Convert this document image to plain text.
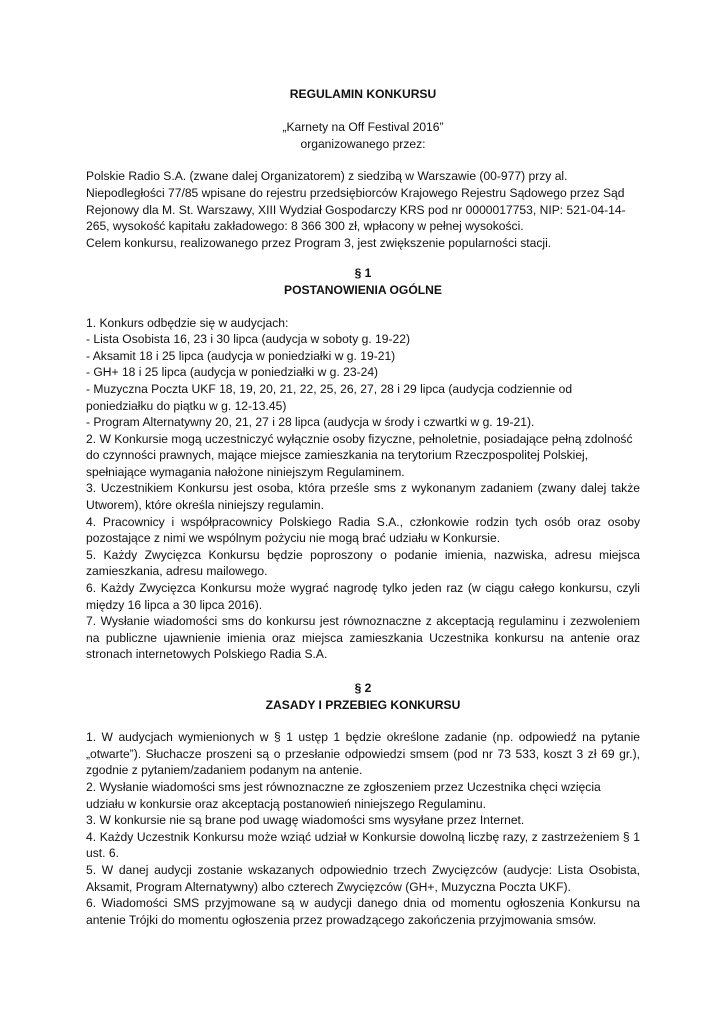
REGULAMIN KONKURSU

„Karnety na Off Festival 2016”

organizowanego przez:

Polskie Radio S.A. (zwane dalej Organizatorem) z siedzibą w Warszawie (00-977) przy al.

Niepodległości 77/85 wpisane do rejestru przedsiębiorców Krajowego Rejestru Sądowego przez Sąd

Rejonowy dla M. St. Warszawy, XIII Wydział Gospodarczy KRS pod nr 0000017753, NIP: 521-04-14-

265, wysokość kapitału zakładowego: 8 366 300 zł, wpłacony w pełnej wysokości.

Celem konkursu, realizowanego przez Program 3, jest zwiększenie popularności stacji.

§ 1

POSTANOWIENIA OGÓLNE

1. Konkurs odbędzie się w audycjach:

- Lista Osobista 16, 23 i 30 lipca (audycja w soboty g. 19-22)

- Aksamit 18 i 25 lipca (audycja w poniedziałki w g. 19-21)

- GH+ 18 i 25 lipca (audycja w poniedziałki w g. 23-24)

- Muzyczna Poczta UKF 18, 19, 20, 21, 22, 25, 26, 27, 28 i 29 lipca (audycja codziennie od poniedziałku do piątku w g. 12-13.45)

- Program Alternatywny 20, 21, 27 i 28 lipca (audycja w środy i czwartki w g. 19-21).

2. W Konkursie mogą uczestniczyć wyłącznie osoby fizyczne, pełnoletnie, posiadające pełną zdolność do czynności prawnych, mające miejsce zamieszkania na terytorium Rzeczpospolitej Polskiej, spełniające wymagania nałożone niniejszym Regulaminem.

3. Uczestnikiem Konkursu jest osoba, która prześle sms z wykonanym zadaniem (zwany dalej także Utworem), które określa niniejszy regulamin.

4. Pracownicy i współpracownicy Polskiego Radia S.A., członkowie rodzin tych osób oraz osoby pozostające z nimi we wspólnym pożyciu nie mogą brać udziału w Konkursie.

5. Każdy Zwycięzca Konkursu będzie poproszony o podanie imienia, nazwiska, adresu miejsca zamieszkania, adresu mailowego.

6. Każdy Zwycięzca Konkursu może wygrać nagrodę tylko jeden raz (w ciągu całego konkursu, czyli między 16 lipca a 30 lipca 2016).

7. Wysłanie wiadomości sms do konkursu jest równoznaczne z akceptacją regulaminu i zezwoleniem na publiczne ujawnienie imienia oraz miejsca zamieszkania Uczestnika konkursu na antenie oraz stronach internetowych Polskiego Radia S.A.

§ 2

ZASADY I PRZEBIEG KONKURSU

1. W audycjach wymienionych w § 1 ustęp 1 będzie określone zadanie (np. odpowiedź na pytanie „otwarte”). Słuchacze proszeni są o przesłanie odpowiedzi smsem (pod nr 73 533, koszt 3 zł 69 gr.), zgodnie z pytaniem/zadaniem podanym na antenie.

2. Wysłanie wiadomości sms jest równoznaczne ze zgłoszeniem przez Uczestnika chęci wzięcia udziału w konkursie oraz akceptacją postanowień niniejszego Regulaminu.

3. W konkursie nie są brane pod uwagę wiadomości sms wysyłane przez Internet.

4. Każdy Uczestnik Konkursu może wziąć udział w Konkursie dowolną liczbę razy, z zastrzeżeniem § 1 ust. 6.

5. W danej audycji zostanie wskazanych odpowiednio trzech Zwycięzców (audycje: Lista Osobista, Aksamit, Program Alternatywny) albo czterech Zwycięzców (GH+, Muzyczna Poczta UKF).

6. Wiadomości SMS przyjmowane są w audycji danego dnia od momentu ogłoszenia Konkursu na antenie Trójki do momentu ogłoszenia przez prowadzącego zakończenia przyjmowania smsów.
